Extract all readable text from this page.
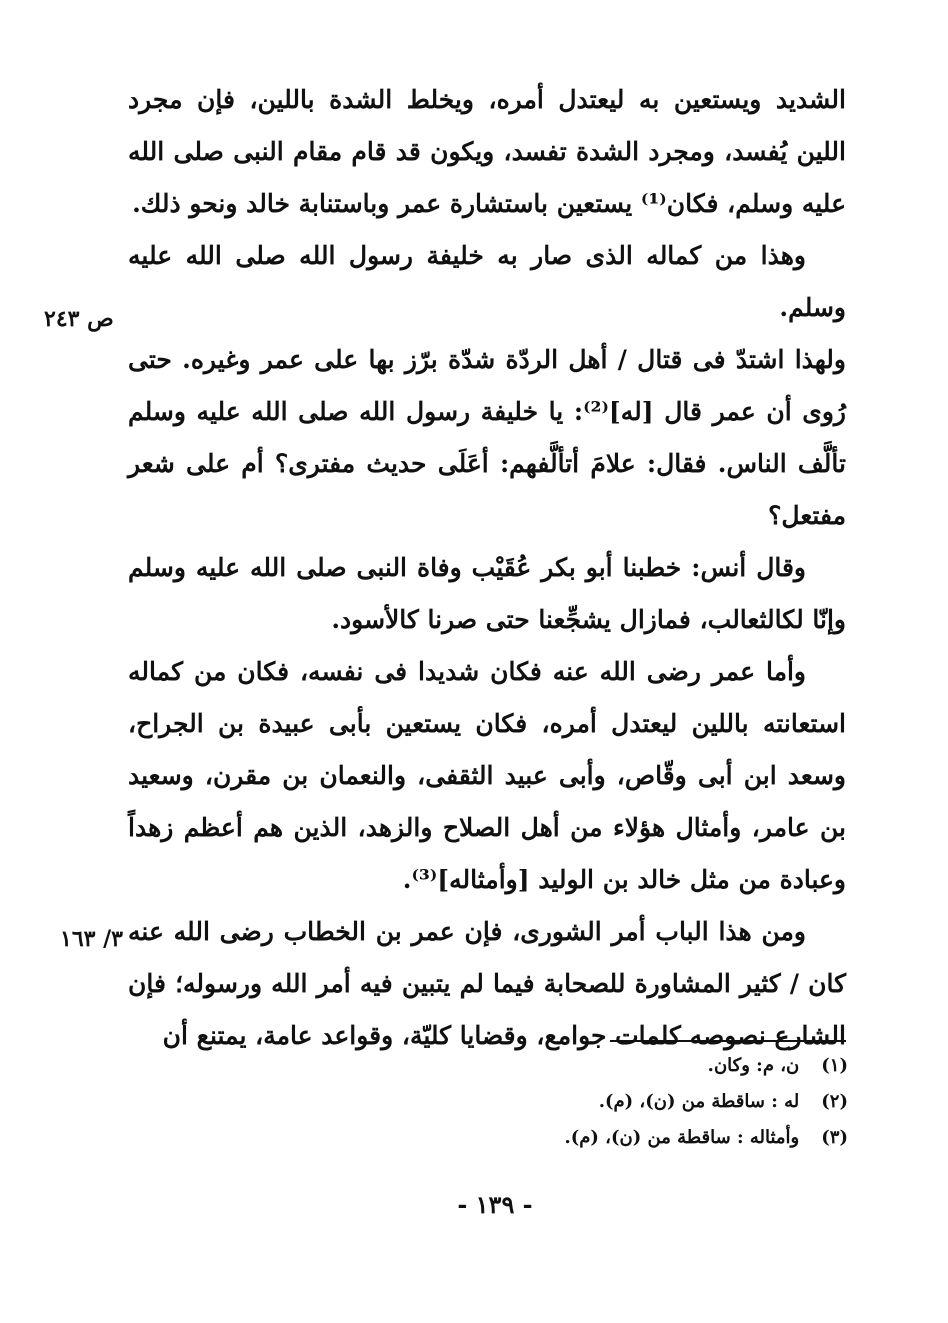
الشديد ويستعين به ليعتدل أمره، ويخلط الشدة باللين، فإن مجرد اللين يُفسد، ومجرد الشدة تفسد، ويكون قد قام مقام النبى صلى الله عليه وسلم، فكان⁽¹⁾ يستعين باستشارة عمر وباستنابة خالد ونحو ذلك.

وهذا من كماله الذى صار به خليفة رسول الله صلى الله عليه وسلم.

ولهذا اشتدّ فى قتال / أهل الردّة شدّة برّز بها على عمر وغيره. حتى رُوى أن عمر قال [له]⁽²⁾: يا خليفة رسول الله صلى الله عليه وسلم تألَّف الناس. فقال: علامَ أتألَّفهم: أعَلَى حديث مفترى؟ أم على شعر مفتعل؟

وقال أنس: خطبنا أبو بكر عُقَيْب وفاة النبى صلى الله عليه وسلم وإنّا لكالثعالب، فمازال يشجِّعنا حتى صرنا كالأسود.

وأما عمر رضى الله عنه فكان شديدا فى نفسه، فكان من كماله استعانته باللين ليعتدل أمره، فكان يستعين بأبى عبيدة بن الجراح، وسعد ابن أبى وقّاص، وأبى عبيد الثقفى، والنعمان بن مقرن، وسعيد بن عامر، وأمثال هؤلاء من أهل الصلاح والزهد، الذين هم أعظم زهداً وعبادة من مثل خالد بن الوليد [وأمثاله]⁽³⁾.

ومن هذا الباب أمر الشورى، فإن عمر بن الخطاب رضى الله عنه كان / كثير المشاورة للصحابة فيما لم يتبين فيه أمر الله ورسوله؛ فإن الشارع نصوصه كلمات جوامع، وقضايا كليّة، وقواعد عامة، يمتنع أن

ص ٢٤٣
٣/ ١٦٣
(١)ن، م: وكان.
(٢)له : ساقطة من (ن)، (م).
(٣)وأمثاله : ساقطة من (ن)، (م).
- ١٣٩ -
